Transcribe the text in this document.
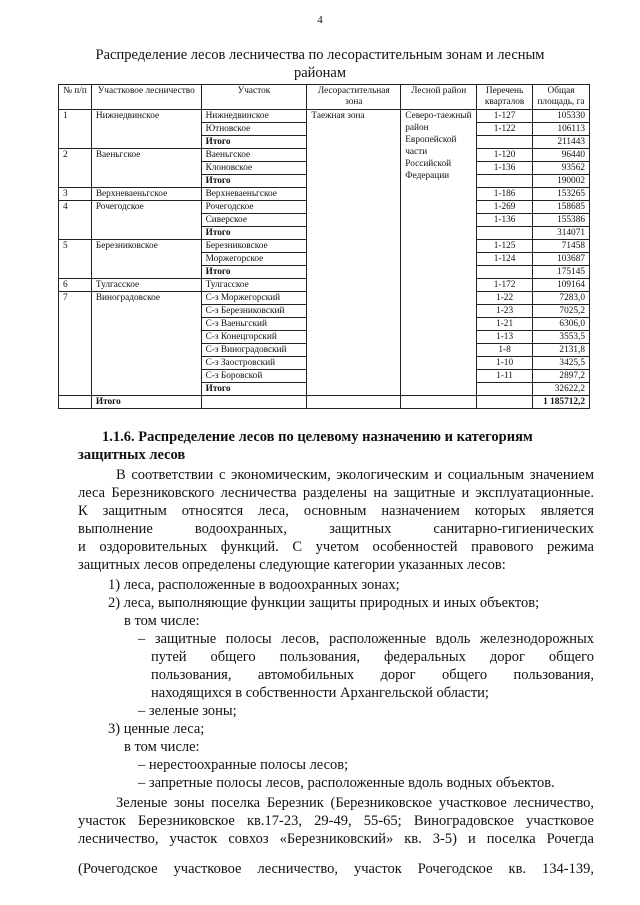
4
Распределение лесов лесничества по лесорастительным зонам и лесным районам
№ п/п	Участковое лесничество	Участок	Лесорастительная зона	Лесной район	Перечень кварталов	Общая площадь, га
1	Нижнедвинское	Нижнедвинское	Таежная зона	Северо-таежный район Европейской части Российской Федерации	1-127	105330
		Ютновское			1-122	106113
		Итого				211443
2	Ваеньгское	Ваеньгское			1-120	96440
		Клоновское			1-136	93562
		Итого				190002
3	Верхневаеньгское	Верхневаеньгское			1-186	153265
4	Рочегодское	Рочегодское			1-269	158685
		Сиверское			1-136	155386
		Итого				314071
5	Березниковское	Березниковское			1-125	71458
		Моржегорское			1-124	103687
		Итого				175145
6	Тулгасское	Тулгасское			1-172	109164
7	Виноградовское	С-з Моржегорский			1-22	7283,0
		С-з Березниковский			1-23	7025,2
		С-з Ваеньгский			1-21	6306,0
		С-з Конецгорский			1-13	3553,5
		С-з Виноградовский			1-8	2131,8
		С-з Заостровский			1-10	3425,5
		С-з Боровской			1-11	2897,2
		Итого				32622,2
	Итого					1 185712,2
1.1.6. Распределение лесов по целевому назначению и категориям защитных лесов
В соответствии с экономическим, экологическим и социальным значением
леса Березниковского лесничества разделены на защитные и эксплуатационные.
К защитным относятся леса, основным назначением которых является
выполнение водоохранных, защитных санитарно-гигиенических
и оздоровительных функций. С учетом особенностей правового режима
защитных лесов определены следующие категории указанных лесов:
1) леса, расположенные в водоохранных зонах;
2) леса, выполняющие функции защиты природных и иных объектов;
в том числе:
– защитные полосы лесов, расположенные вдоль железнодорожных
путей общего пользования, федеральных дорог общего
пользования, автомобильных дорог общего пользования,
находящихся в собственности Архангельской области;
– зеленые зоны;
3) ценные леса;
в том числе:
– нерестоохранные полосы лесов;
– запретные полосы лесов, расположенные вдоль водных объектов.
Зеленые зоны поселка Березник (Березниковское участковое лесничество,
участок Березниковское кв.17-23, 29-49, 55-65; Виноградовское участковое
лесничество, участок совхоз «Березниковский» кв. 3-5) и поселка Рочегда
(Рочегодское участковое лесничество, участок Рочегодское кв. 134-139,
